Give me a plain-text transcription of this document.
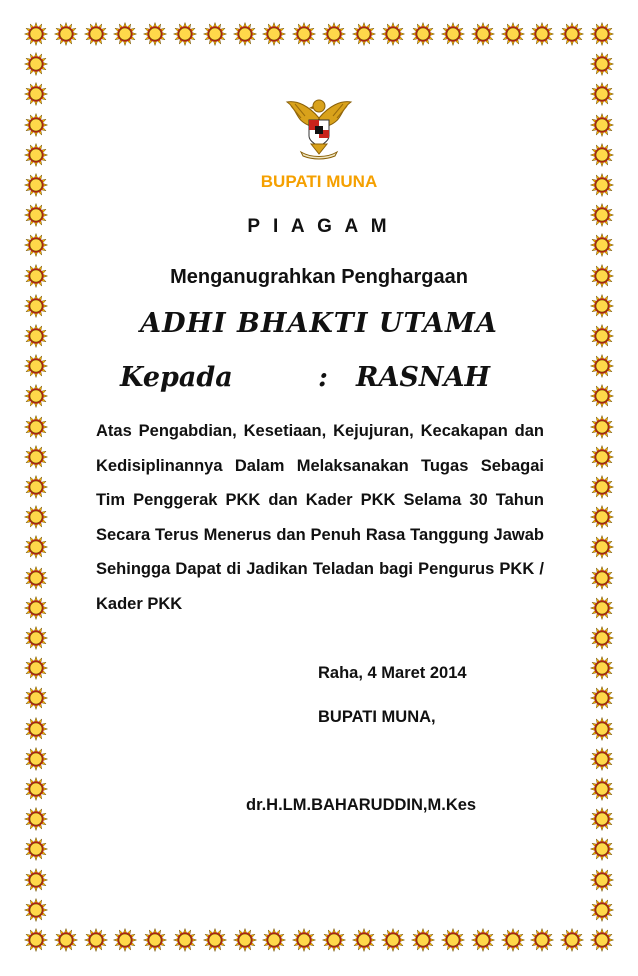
BUPATI MUNA
P I A G A M
Menganugrahkan Penghargaan
ADHI BHAKTI UTAMA
Kepada	: RASNAH
Atas Pengabdian, Kesetiaan, Kejujuran, Kecakapan dan Kedisiplinannya Dalam Melaksanakan Tugas Sebagai Tim Penggerak PKK dan Kader PKK Selama 30 Tahun Secara Terus Menerus dan Penuh Rasa Tanggung Jawab Sehingga Dapat di Jadikan Teladan bagi Pengurus PKK / Kader PKK
Raha, 4 Maret 2014
BUPATI MUNA,
dr.H.LM.BAHARUDDIN,M.Kes
